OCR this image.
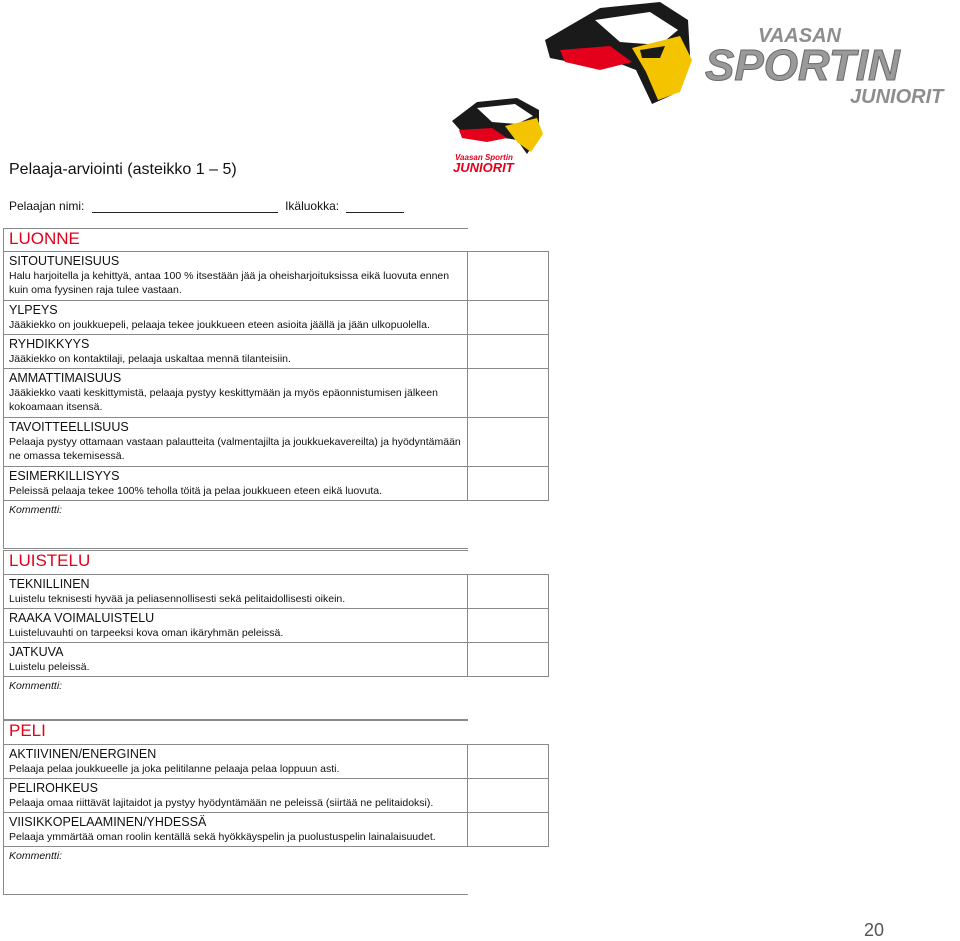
VAASAN
SPORTIN
JUNIORIT
Vaasan Sportin
JUNIORIT
Pelaaja-arviointi (asteikko 1 – 5)
Pelaajan nimi:	Ikäluokka:
LUONNE	

SITOUTUNEISUUS
Halu harjoitella ja kehittyä, antaa 100 % itsestään jää ja oheisharjoituksissa eikä luovuta ennen kuin oma fyysinen raja tulee vastaan.	

YLPEYS
Jääkiekko on joukkuepeli, pelaaja tekee joukkueen eteen asioita jäällä ja jään ulkopuolella.	

RYHDIKKYYS
Jääkiekko on kontaktilaji, pelaaja uskaltaa mennä tilanteisiin.	

AMMATTIMAISUUS
Jääkiekko vaati keskittymistä, pelaaja pystyy keskittymään ja myös epäonnistumisen jälkeen kokoamaan itsensä.	

TAVOITTEELLISUUS
Pelaaja pystyy ottamaan vastaan palautteita (valmentajilta ja joukkuekavereilta) ja hyödyntämään ne omassa tekemisessä.	

ESIMERKILLISYYS
Peleissä pelaaja tekee 100% teholla töitä ja pelaa joukkueen eteen eikä luovuta.	

Kommentti:	

LUISTELU	

TEKNILLINEN
Luistelu teknisesti hyvää ja peliasennollisesti sekä pelitaidollisesti oikein.	

RAAKA VOIMALUISTELU
Luisteluvauhti on tarpeeksi kova oman ikäryhmän peleissä.	

JATKUVA
Luistelu peleissä.	

Kommentti:	

PELI	

AKTIIVINEN/ENERGINEN
Pelaaja pelaa joukkueelle ja joka pelitilanne pelaaja pelaa loppuun asti.	

PELIROHKEUS
Pelaaja omaa riittävät lajitaidot ja pystyy hyödyntämään ne peleissä (siirtää ne pelitaidoksi).	

VIISIKKOPELAAMINEN/YHDESSÄ
Pelaaja ymmärtää oman roolin kentällä sekä hyökkäyspelin ja puolustuspelin lainalaisuudet.	

Kommentti:	

20
